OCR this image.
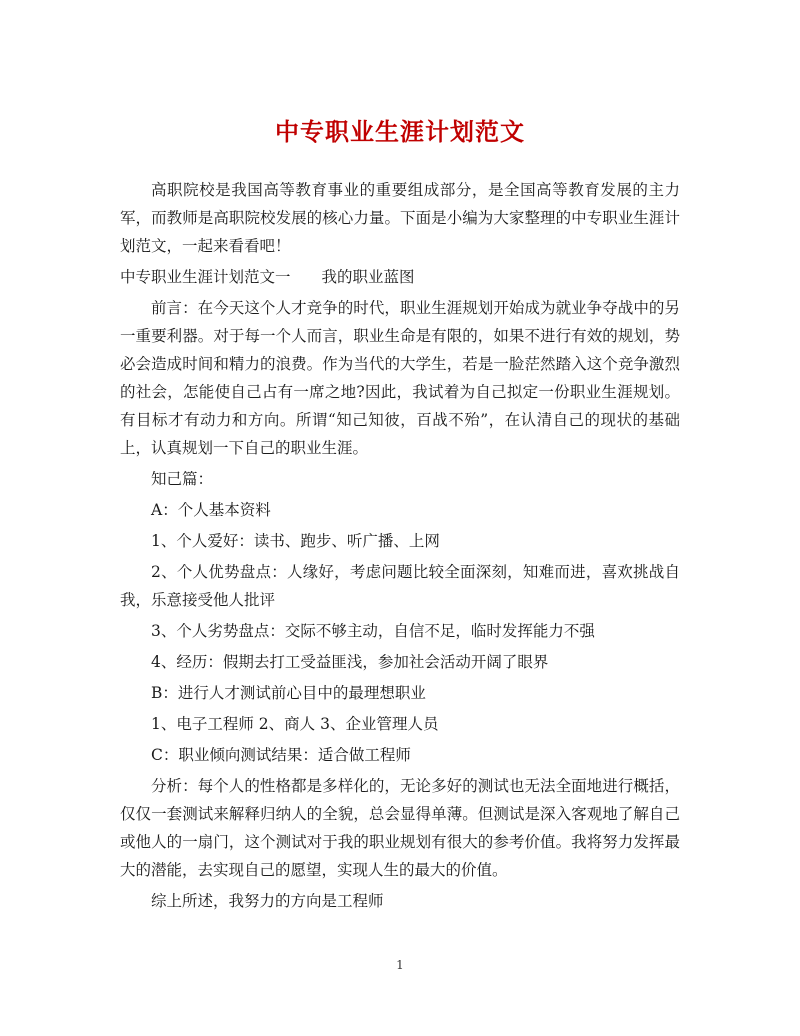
中专职业生涯计划范文

高职院校是我国高等教育事业的重要组成部分，是全国高等教育发展的主力军，而教师是高职院校发展的核心力量。下面是小编为大家整理的中专职业生涯计划范文，一起来看看吧！

中专职业生涯计划范文一　　我的职业蓝图

前言：在今天这个人才竞争的时代，职业生涯规划开始成为就业争夺战中的另一重要利器。对于每一个人而言，职业生命是有限的，如果不进行有效的规划，势必会造成时间和精力的浪费。作为当代的大学生，若是一脸茫然踏入这个竞争激烈的社会，怎能使自己占有一席之地?因此，我试着为自己拟定一份职业生涯规划。有目标才有动力和方向。所谓“知己知彼，百战不殆”，在认清自己的现状的基础上，认真规划一下自己的职业生涯。

知己篇：

A：个人基本资料

1、个人爱好：读书、跑步、听广播、上网

2、个人优势盘点：人缘好，考虑问题比较全面深刻，知难而进，喜欢挑战自我，乐意接受他人批评

3、个人劣势盘点：交际不够主动，自信不足，临时发挥能力不强

4、经历：假期去打工受益匪浅，参加社会活动开阔了眼界

B：进行人才测试前心目中的最理想职业

1、电子工程师 2、商人 3、企业管理人员

C：职业倾向测试结果：适合做工程师

分析：每个人的性格都是多样化的，无论多好的测试也无法全面地进行概括，仅仅一套测试来解释归纳人的全貌，总会显得单薄。但测试是深入客观地了解自己或他人的一扇门，这个测试对于我的职业规划有很大的参考价值。我将努力发挥最大的潜能，去实现自己的愿望，实现人生的最大的价值。

综上所述，我努力的方向是工程师

1
